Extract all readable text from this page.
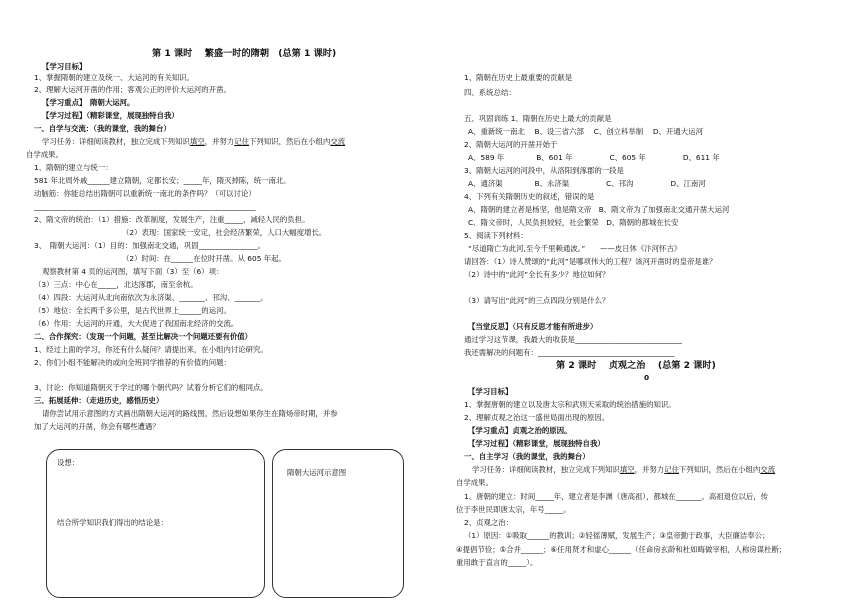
第 1 课时　 繁盛一时的隋朝　(总第 1 课时)
【学习目标】
1、掌握隋朝的建立及统一、大运河的有关知识。
2、理解大运河开凿的作用；客观公正的评价大运河的开凿。
【学习重点】　隋朝大运河。
【学习过程】（精彩课堂，展现独特自我）
一、自学与交流：（我的课堂，我的舞台）
学习任务：详细阅读教材，独立完成下列知识填空，并努力记住下列知识，然后在小组内交流
自学成果。
1、隋朝的建立与统一：
581 年北周外戚______建立隋朝，定都长安；_____年，隋灭掉陈，统一南北。
动脑筋：你能总结出隋朝可以重新统一南北的条件吗？（可以讨论）
____________________________________________________________
2、隋文帝的统治：（1）措施：改革制度，发展生产，注重_____，减轻人民的负担。
（2）表现：国家统一安定，社会经济繁荣，人口大幅度增长。
3、　隋朝大运河：（1）目的：加强南北交通，巩固________________。
（2）时间：在______在位时开凿。从 605 年起。
观察教材第 4 页的运河图，填写下面（3）至（6）项：
（3）三点：中心在_____，北达涿郡，南至余杭。
（4）四段：大运河从北向南依次为永济渠、_______、邗沟、_______。
（5）地位：全长两千多公里，是古代世界上______的运河。
（6）作用：大运河的开通，大大促进了我国南北经济的交流。
二、合作探究：（发现一个问题，甚至比解决一个问题还要有价值）
1、经过上面的学习，你还有什么疑问？请提出来，在小组内讨论研究。
2、你们小组不能解决的或向全班同学推荐的有价值的问题：
3、讨论：你知道隋朝灭于学过的哪个朝代吗？试着分析它们的相同点。
三、拓展延伸：（走进历史，感悟历史）
请你尝试用示意图的方式画出隋朝大运河的路线图。然后设想如果你生在隋炀帝时期，并参
加了大运河的开凿，你会有哪些遭遇？
设想：
结合所学知识我们得出的结论是：
隋朝大运河示意图
1、隋朝在历史上最重要的贡献是
四、系统总结：
五、巩固训练 1、隋朝在历史上最大的贡献是
A、重新统一南北　 B、设三省六部　 C、创立科举制　 D、开通大运河
2、隋朝大运河的开凿开始于
A、589 年　　　　 B、601 年　　　　　C、605 年　　　　　D、611 年
3、隋朝大运河的河段中，从洛阳到涿郡的一段是
A、通济渠　　　　 B、永济渠　　　　　C、邗沟　　　　　D、江南河
4、下列有关隋朝历史的叙述，错误的是
A、隋朝的建立者是杨坚，他是隋文帝　B、隋文帝为了加强南北交通开凿大运河
C、隋文帝时，人民负担较轻，社会繁荣　D、隋朝的都城在长安
5、阅读下列材料：
“尽道隋亡为此河,至今千里赖通波。”　　——皮日休《汴河怀古》
请回答：（1）诗人赞颂的“此河”是哪项伟大的工程？该河开凿时的皇帝是谁？
（2）诗中的“此河”全长有多少？地位如何？
（3）请写出“此河”的三点四段分别是什么？
【当堂反思】（只有反思才能有所进步）
通过学习这节课，我最大的收获是_____________________________
我还需解决的问题有：_____________________________________
第 2 课时　 贞观之治　 (总第 2 课时)
0
【学习目标】
1、掌握唐朝的建立以及唐太宗和武则天采取的统治措施的知识。
2、理解贞观之治这一盛世局面出现的原因。
【学习重点】贞观之治的原因。
【学习过程】（精彩课堂，展现独特自我）
一、自主学习（我的课堂，我的舞台）
学习任务：详细阅读教材，独立完成下列知识填空，并努力记住下列知识，然后在小组内交流
自学成果。
1、唐朝的建立：时间_____年，建立者是李渊（唐高祖），都城在_______。高祖退位以后，传
位于李世民即唐太宗，年号_____。
2、贞观之治：
（1）原因：①吸取______的教训；②轻徭薄赋，发展生产；③皇帝勤于政事，大臣廉洁奉公；
④提倡节俭；⑤合并______；⑥任用贤才和虚心______（任命房玄龄和杜如晦做宰相，人称房谋杜断；
重用敢于直言的_____）。
